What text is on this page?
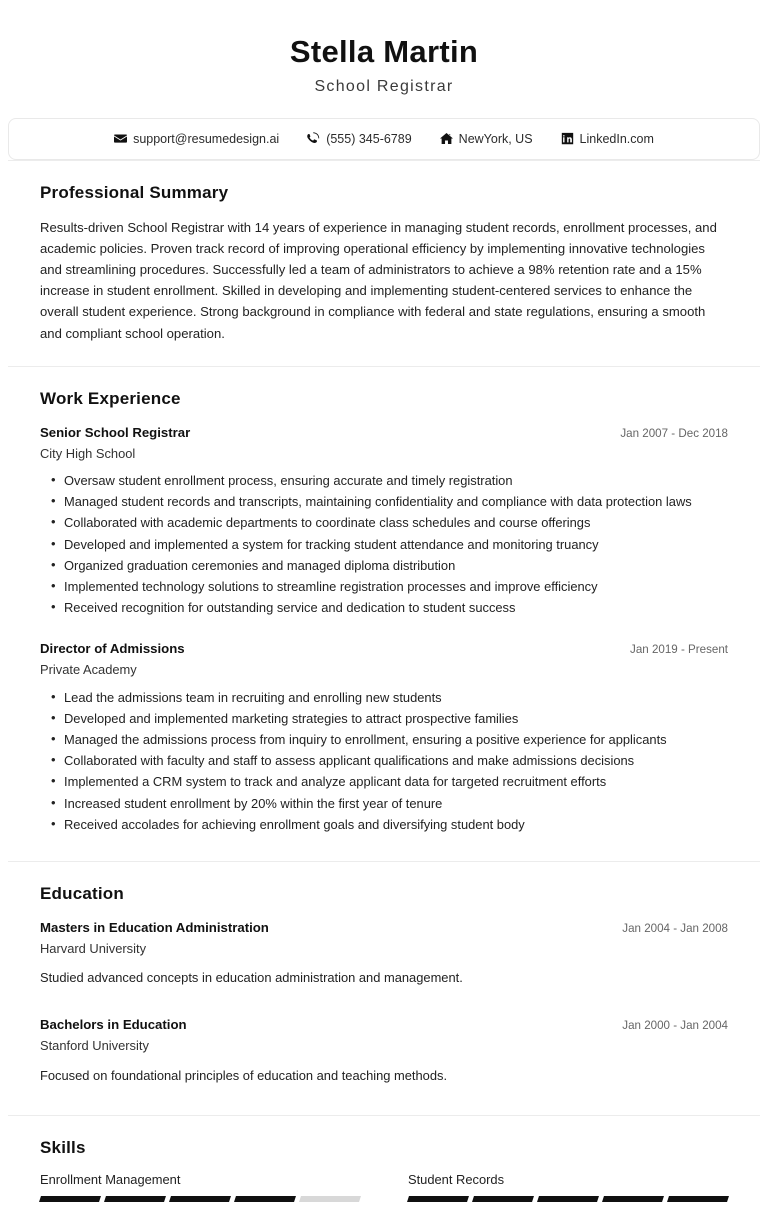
Stella Martin
School Registrar
support@resumedesign.ai	(555) 345-6789	NewYork, US	LinkedIn.com
Professional Summary
Results-driven School Registrar with 14 years of experience in managing student records, enrollment processes, and academic policies. Proven track record of improving operational efficiency by implementing innovative technologies and streamlining procedures. Successfully led a team of administrators to achieve a 98% retention rate and a 15% increase in student enrollment. Skilled in developing and implementing student-centered services to enhance the overall student experience. Strong background in compliance with federal and state regulations, ensuring a smooth and compliant school operation.
Work Experience
Senior School Registrar	Jan 2007 - Dec 2018
City High School
• Oversaw student enrollment process, ensuring accurate and timely registration
• Managed student records and transcripts, maintaining confidentiality and compliance with data protection laws
• Collaborated with academic departments to coordinate class schedules and course offerings
• Developed and implemented a system for tracking student attendance and monitoring truancy
• Organized graduation ceremonies and managed diploma distribution
• Implemented technology solutions to streamline registration processes and improve efficiency
• Received recognition for outstanding service and dedication to student success
Director of Admissions	Jan 2019 - Present
Private Academy
• Lead the admissions team in recruiting and enrolling new students
• Developed and implemented marketing strategies to attract prospective families
• Managed the admissions process from inquiry to enrollment, ensuring a positive experience for applicants
• Collaborated with faculty and staff to assess applicant qualifications and make admissions decisions
• Implemented a CRM system to track and analyze applicant data for targeted recruitment efforts
• Increased student enrollment by 20% within the first year of tenure
• Received accolades for achieving enrollment goals and diversifying student body
Education
Masters in Education Administration	Jan 2004 - Jan 2008
Harvard University
Studied advanced concepts in education administration and management.
Bachelors in Education	Jan 2000 - Jan 2004
Stanford University
Focused on foundational principles of education and teaching methods.
Skills
Enrollment Management	Student Records
